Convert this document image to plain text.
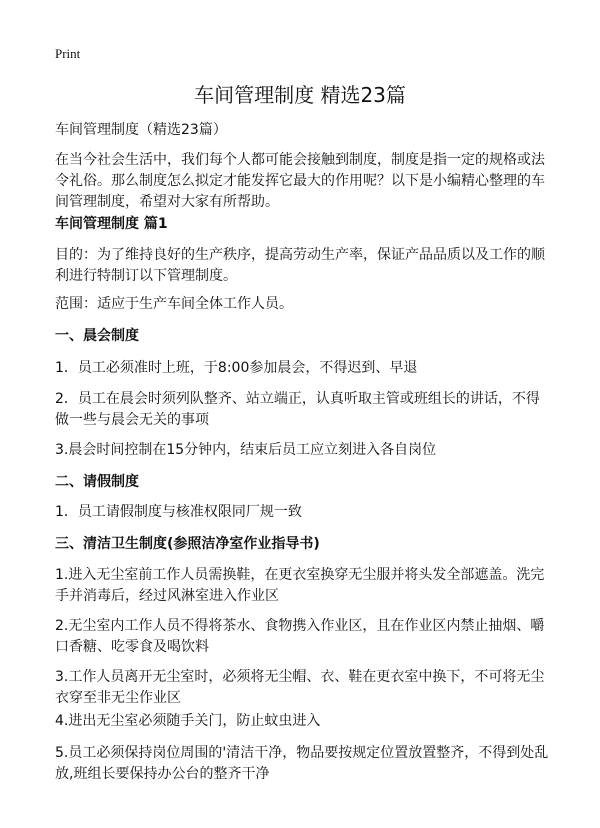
Print
车间管理制度 精选23篇

车间管理制度（精选23篇）

在当今社会生活中，我们每个人都可能会接触到制度，制度是指一定的规格或法令礼俗。那么制度怎么拟定才能发挥它最大的作用呢？以下是小编精心整理的车间管理制度，希望对大家有所帮助。

车间管理制度 篇1

目的：为了维持良好的生产秩序，提高劳动生产率，保证产品品质以及工作的顺利进行特制订以下管理制度。

范围：适应于生产车间全体工作人员。

一、晨会制度

1．员工必须准时上班，于8:00参加晨会，不得迟到、早退

2．员工在晨会时须列队整齐、站立端正，认真听取主管或班组长的讲话，不得做一些与晨会无关的事项

3.晨会时间控制在15分钟内，结束后员工应立刻进入各自岗位

二、请假制度

1．员工请假制度与核准权限同厂规一致

三、清洁卫生制度(参照洁净室作业指导书)

1.进入无尘室前工作人员需换鞋，在更衣室换穿无尘服并将头发全部遮盖。洗完手并消毒后，经过风淋室进入作业区

2.无尘室内工作人员不得将茶水、食物携入作业区，且在作业区内禁止抽烟、嚼口香糖、吃零食及喝饮料

3.工作人员离开无尘室时，必须将无尘帽、衣、鞋在更衣室中换下，不可将无尘衣穿至非无尘作业区

4.进出无尘室必须随手关门，防止蚊虫进入

5.员工必须保持岗位周围的'清洁干净，物品要按规定位置放置整齐，不得到处乱放,班组长要保持办公台的整齐干净
